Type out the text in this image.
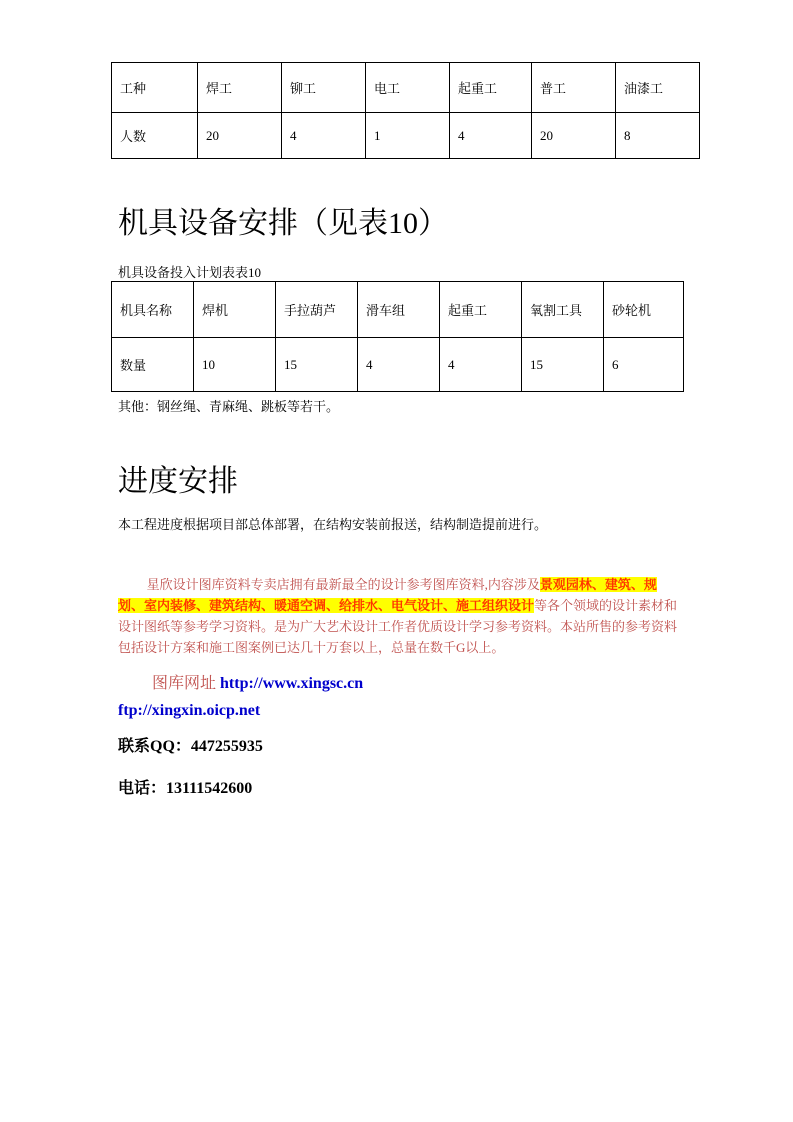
工种	焊工	铆工	电工	起重工	普工	油漆工
人数	20	4	1	4	20	8
机具设备安排（见表10）
机具设备投入计划表表10
机具名称	焊机	手拉葫芦	滑车组	起重工	氧割工具	砂轮机
数量	10	15	4	4	15	6
其他：钢丝绳、青麻绳、跳板等若干。
进度安排
本工程进度根据项目部总体部署，在结构安装前报送，结构制造提前进行。
星欣设计图库资料专卖店拥有最新最全的设计参考图库资料,内容涉及景观园林、建筑、规划、室内装修、建筑结构、暖通空调、给排水、电气设计、施工组织设计等各个领域的设计素材和设计图纸等参考学习资料。是为广大艺术设计工作者优质设计学习参考资料。本站所售的参考资料包括设计方案和施工图案例已达几十万套以上，总量在数千G以上。
图库网址 http://www.xingsc.cn
ftp://xingxin.oicp.net
联系QQ：447255935
电话：13111542600
